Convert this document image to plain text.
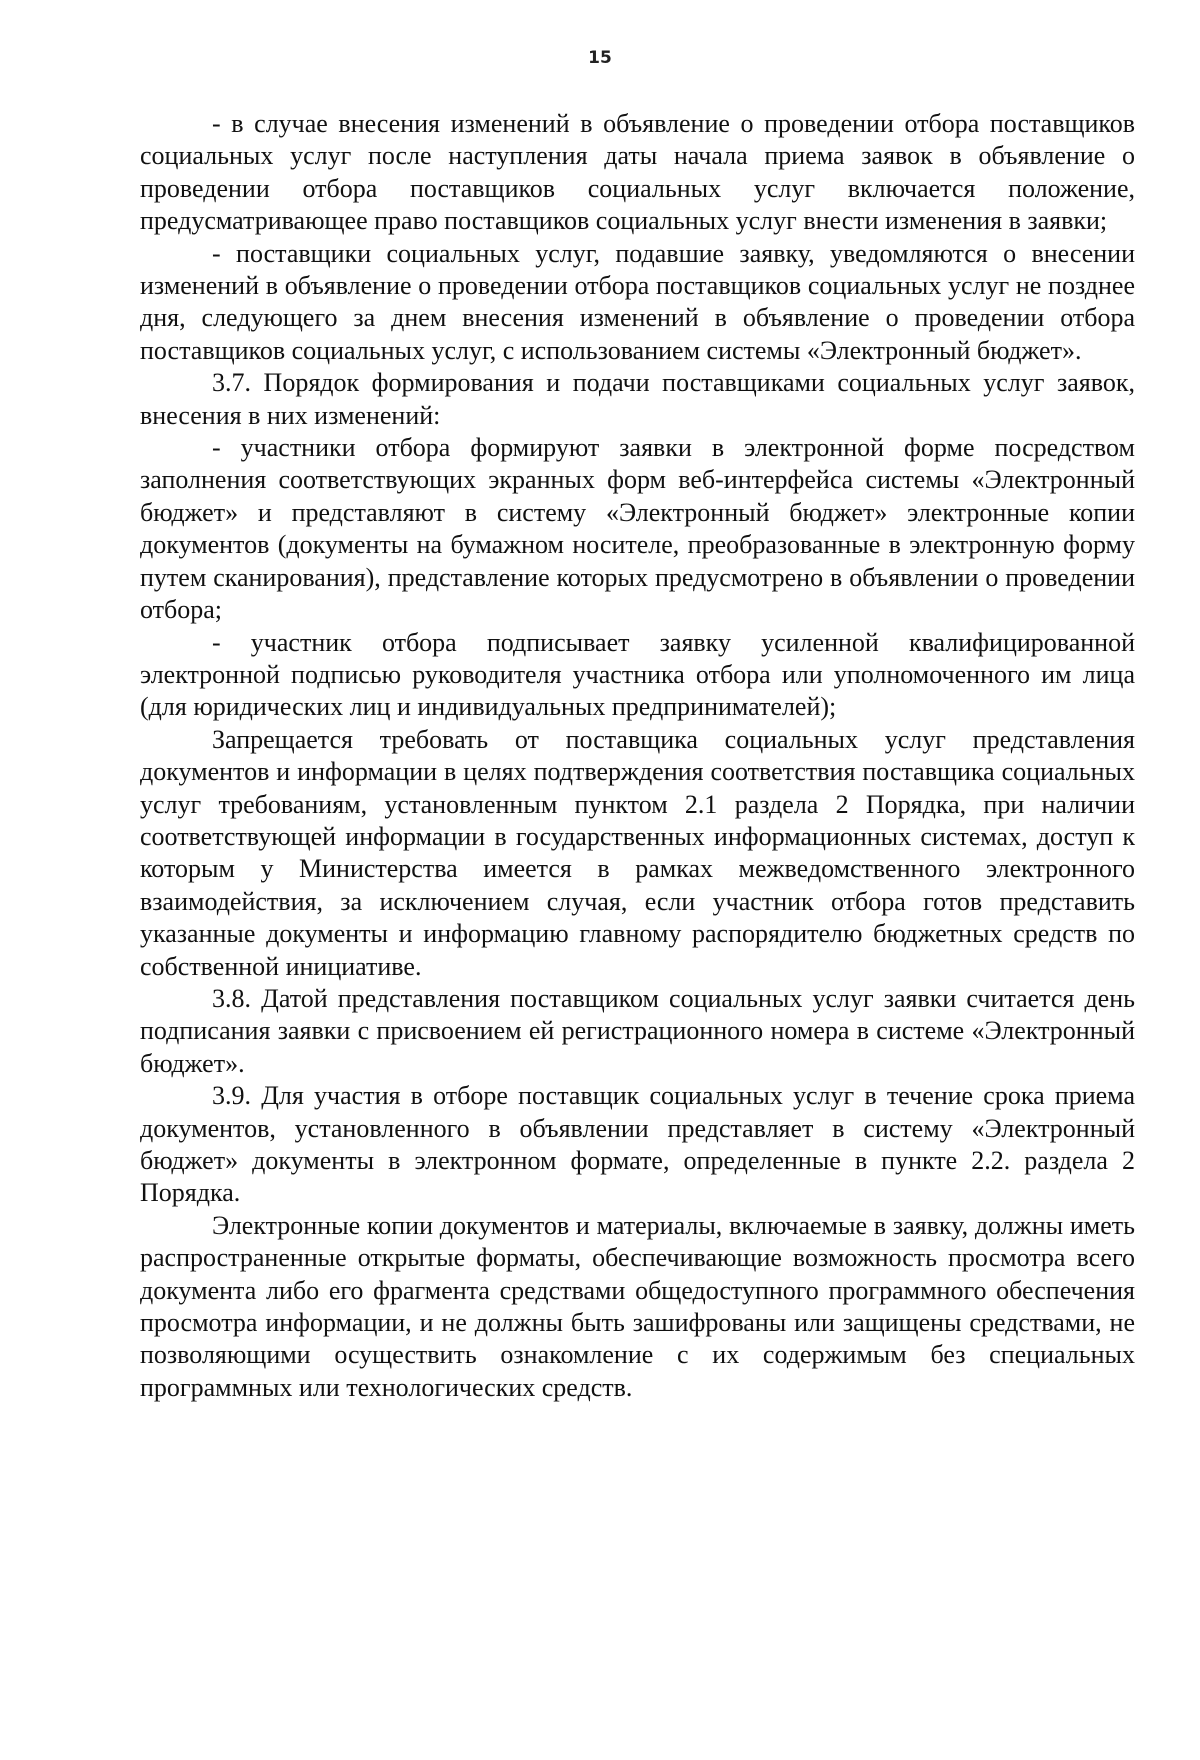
15

- в случае внесения изменений в объявление о проведении отбора поставщиков социальных услуг после наступления даты начала приема заявок в объявление о проведении отбора поставщиков социальных услуг включается положение, предусматривающее право поставщиков социальных услуг внести изменения в заявки;

- поставщики социальных услуг, подавшие заявку, уведомляются о внесении изменений в объявление о проведении отбора поставщиков социальных услуг не позднее дня, следующего за днем внесения изменений в объявление о проведении отбора поставщиков социальных услуг, с использованием системы «Электронный бюджет».

3.7. Порядок формирования и подачи поставщиками социальных услуг заявок, внесения в них изменений:

- участники отбора формируют заявки в электронной форме посредством заполнения соответствующих экранных форм веб-интерфейса системы «Электронный бюджет» и представляют в систему «Электронный бюджет» электронные копии документов (документы на бумажном носителе, преобразованные в электронную форму путем сканирования), представление которых предусмотрено в объявлении о проведении отбора;

- участник отбора подписывает заявку усиленной квалифицированной электронной подписью руководителя участника отбора или уполномоченного им лица (для юридических лиц и индивидуальных предпринимателей);

Запрещается требовать от поставщика социальных услуг представления документов и информации в целях подтверждения соответствия поставщика социальных услуг требованиям, установленным пунктом 2.1 раздела 2 Порядка, при наличии соответствующей информации в государственных информационных системах, доступ к которым у Министерства имеется в рамках межведомственного электронного взаимодействия, за исключением случая, если участник отбора готов представить указанные документы и информацию главному распорядителю бюджетных средств по собственной инициативе.

3.8. Датой представления поставщиком социальных услуг заявки считается день подписания заявки с присвоением ей регистрационного номера в системе «Электронный бюджет».

3.9. Для участия в отборе поставщик социальных услуг в течение срока приема документов, установленного в объявлении представляет в систему «Электронный бюджет» документы в электронном формате, определенные в пункте 2.2. раздела 2 Порядка.

Электронные копии документов и материалы, включаемые в заявку, должны иметь распространенные открытые форматы, обеспечивающие возможность просмотра всего документа либо его фрагмента средствами общедоступного программного обеспечения просмотра информации, и не должны быть зашифрованы или защищены средствами, не позволяющими осуществить ознакомление с их содержимым без специальных программных или технологических средств.
